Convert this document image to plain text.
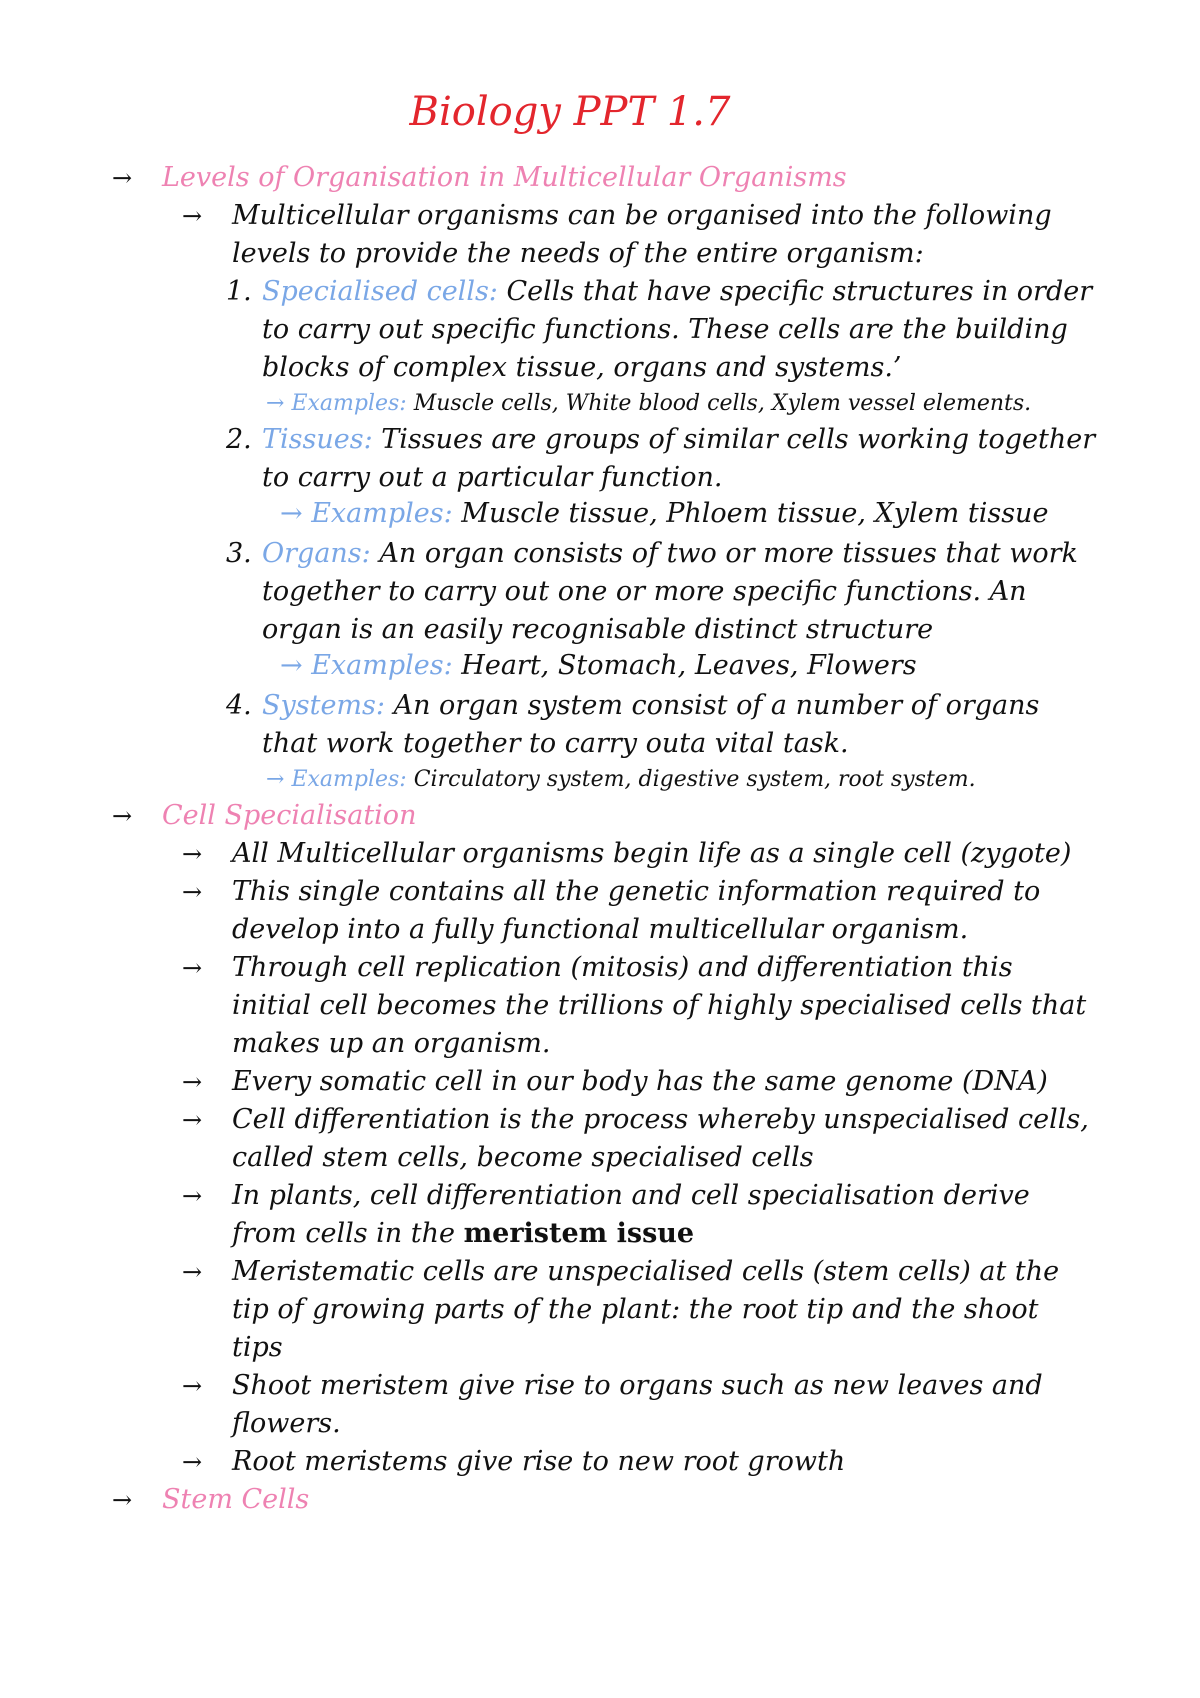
Biology PPT 1.7
→ Levels of Organisation in Multicellular Organisms
→ Multicellular organisms can be organised into the following
levels to provide the needs of the entire organism:
1. Specialised cells: Cells that have specific structures in order
to carry out specific functions. These cells are the building
blocks of complex tissue, organs and systems.’
→ Examples: Muscle cells, White blood cells, Xylem vessel elements.
2. Tissues: Tissues are groups of similar cells working together
to carry out a particular function.
→ Examples: Muscle tissue, Phloem tissue, Xylem tissue
3. Organs: An organ consists of two or more tissues that work
together to carry out one or more specific functions. An
organ is an easily recognisable distinct structure
→ Examples: Heart, Stomach, Leaves, Flowers
4. Systems: An organ system consist of a number of organs
that work together to carry outa vital task.
→ Examples: Circulatory system, digestive system, root system.
→ Cell Specialisation
→ All Multicellular organisms begin life as a single cell (zygote)
→ This single contains all the genetic information required to
develop into a fully functional multicellular organism.
→ Through cell replication (mitosis) and differentiation this
initial cell becomes the trillions of highly specialised cells that
makes up an organism.
→ Every somatic cell in our body has the same genome (DNA)
→ Cell differentiation is the process whereby unspecialised cells,
called stem cells, become specialised cells
→ In plants, cell differentiation and cell specialisation derive
from cells in the meristem issue
→ Meristematic cells are unspecialised cells (stem cells) at the
tip of growing parts of the plant: the root tip and the shoot
tips
→ Shoot meristem give rise to organs such as new leaves and
flowers.
→ Root meristems give rise to new root growth
→ Stem Cells
